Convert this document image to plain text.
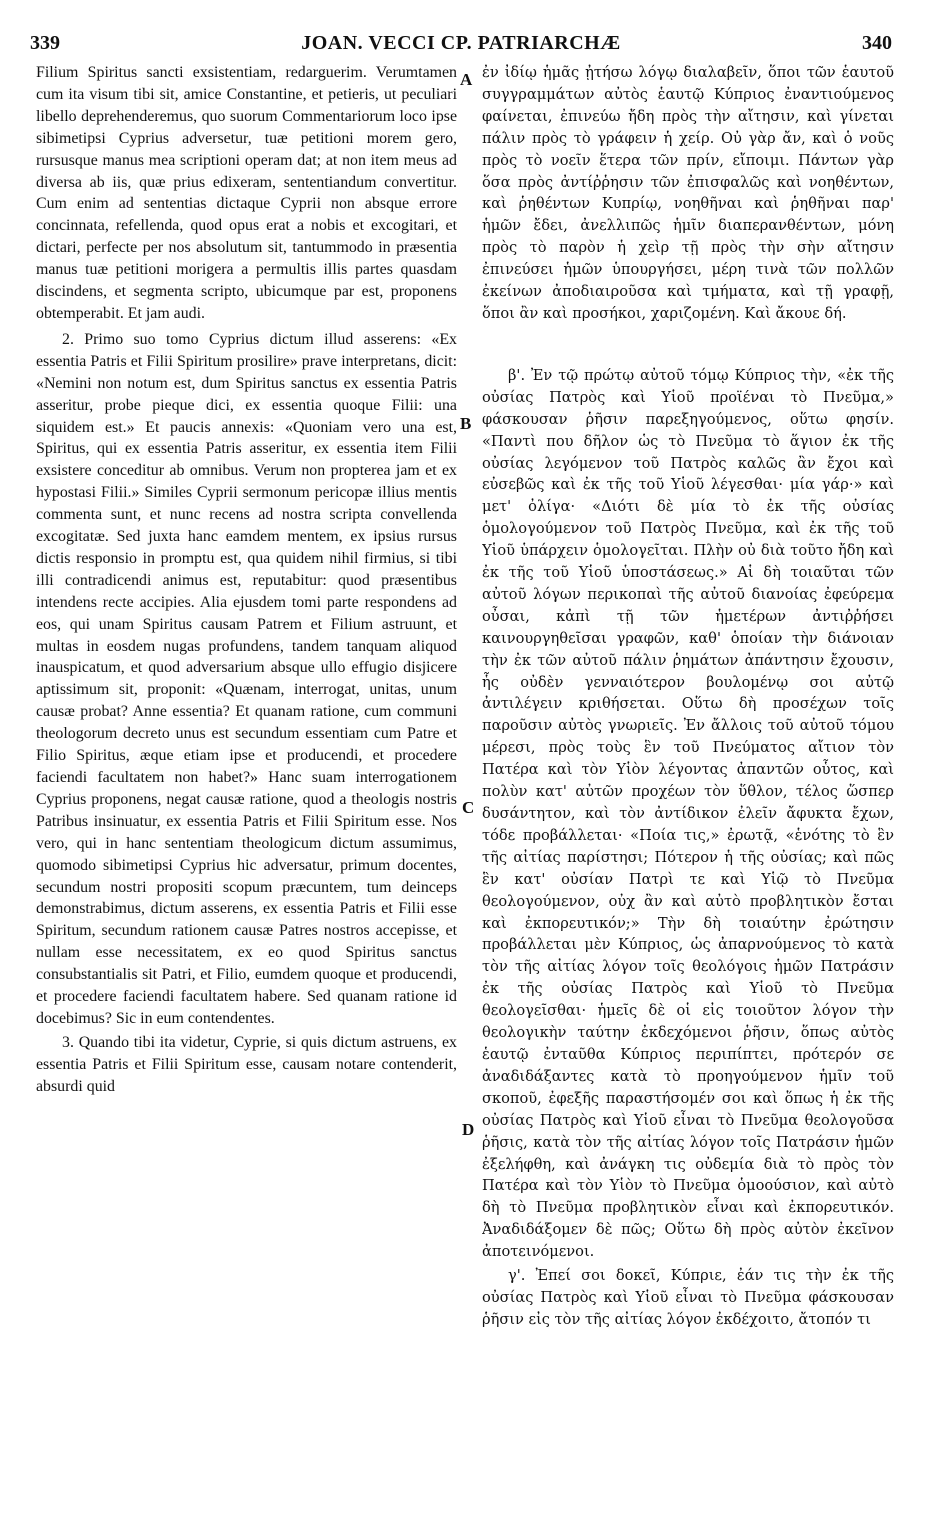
339	JOAN. VECCI CP. PATRIARCHÆ	340

Filium Spiritus sancti exsistentiam, redarguerim. Verumtamen cum ita visum tibi sit, amice Constantine, et petieris, ut peculiari libello deprehenderemus, quo suorum Commentariorum loco ipse sibimetipsi Cyprius adversetur, tuæ petitioni morem gero, rursusque manus mea scriptioni operam dat; at non item meus ad diversa ab iis, quæ prius edixeram, sententiandum convertitur. Cum enim ad sententias dictaque Cyprii non absque errore concinnata, refellenda, quod opus erat a nobis et excogitari, et dictari, perfecte per nos absolutum sit, tantummodo in præsentia manus tuæ petitioni morigera a permultis illis partes quasdam discindens, et segmenta scripto, ubicumque par est, proponens obtemperabit. Et jam audi.

2. Primo suo tomo Cyprius dictum illud asserens: «Ex essentia Patris et Filii Spiritum prosilire» prave interpretans, dicit: «Nemini non notum est, dum Spiritus sanctus ex essentia Patris asseritur, probe pieque dici, ex essentia quoque Filii: una siquidem est.» Et paucis annexis: «Quoniam vero una est, Spiritus, qui ex essentia Patris asseritur, ex essentia item Filii exsistere conceditur ab omnibus. Verum non propterea jam et ex hypostasi Filii.» Similes Cyprii sermonum pericopæ illius mentis commenta sunt, et nunc recens ad nostra scripta convellenda excogitatæ. Sed juxta hanc eamdem mentem, ex ipsius rursus dictis responsio in promptu est, qua quidem nihil firmius, si tibi illi contradicendi animus est, reputabitur: quod præsentibus intendens recte accipies. Alia ejusdem tomi parte respondens ad eos, qui unam Spiritus causam Patrem et Filium astruunt, et multas in eosdem nugas profundens, tandem tanquam aliquod inauspicatum, et quod adversarium absque ullo effugio disjicere aptissimum sit, proponit: «Quænam, interrogat, unitas, unum causæ probat? Anne essentia? Et quanam ratione, cum communi theologorum decreto unus est secundum essentiam cum Patre et Filio Spiritus, æque etiam ipse et producendi, et procedere faciendi facultatem non habet?» Hanc suam interrogationem Cyprius proponens, negat causæ ratione, quod a theologis nostris Patribus insinuatur, ex essentia Patris et Filii Spiritum esse. Nos vero, qui in hanc sententiam theologicum dictum assumimus, quomodo sibimetipsi Cyprius hic adversatur, primum docentes, secundum nostri propositi scopum præcuntem, tum deinceps demonstrabimus, dictum asserens, ex essentia Patris et Filii esse Spiritum, secundum rationem causæ Patres nostros accepisse, et nullam esse necessitatem, ex eo quod Spiritus sanctus consubstantialis sit Patri, et Filio, eumdem quoque et producendi, et procedere faciendi facultatem habere. Sed quanam ratione id docebimus? Sic in eum contendentes.

3. Quando tibi ita videtur, Cyprie, si quis dictum astruens, ex essentia Patris et Filii Spiritum esse, causam notare contenderit, absurdi quid

A
B
C
D

ἐν ἰδίῳ ἡμᾶς ᾐτήσω λόγῳ διαλαβεῖν, ὅποι τῶν ἑαυτοῦ συγγραμμάτων αὐτὸς ἑαυτῷ Κύπριος ἐναντιούμενος φαίνεται, ἐπινεύω ἤδη πρὸς τὴν αἴτησιν, καὶ γίνεται πάλιν πρὸς τὸ γράφειν ἡ χείρ. Οὐ γὰρ ἄν, καὶ ὁ νοῦς πρὸς τὸ νοεῖν ἕτερα τῶν πρίν, εἴποιμι. Πάντων γὰρ ὅσα πρὸς ἀντίῤῥησιν τῶν ἐπισφαλῶς καὶ νοηθέντων, καὶ ῥηθέντων Κυπρίῳ, νοηθῆναι καὶ ῥηθῆναι παρ' ἡμῶν ἔδει, ἀνελλιπῶς ἡμῖν διαπερανθέντων, μόνη πρὸς τὸ παρὸν ἡ χεὶρ τῇ πρὸς τὴν σὴν αἴτησιν ἐπινεύσει ἡμῶν ὑπουργήσει, μέρη τινὰ τῶν πολλῶν ἐκείνων ἀποδιαιροῦσα καὶ τμήματα, καὶ τῇ γραφῇ, ὅποι ἂν καὶ προσήκοι, χαριζομένη. Καὶ ἄκουε δή.

β'. Ἐν τῷ πρώτῳ αὐτοῦ τόμῳ Κύπριος τὴν, «ἐκ τῆς οὐσίας Πατρὸς καὶ Υἱοῦ προϊέναι τὸ Πνεῦμα,» φάσκουσαν ῥῆσιν παρεξηγούμενος, οὕτω φησίν. «Παντὶ που δῆλον ὡς τὸ Πνεῦμα τὸ ἅγιον ἐκ τῆς οὐσίας λεγόμενον τοῦ Πατρὸς καλῶς ἂν ἔχοι καὶ εὐσεβῶς καὶ ἐκ τῆς τοῦ Υἱοῦ λέγεσθαι· μία γάρ·» καὶ μετ' ὀλίγα· «Διότι δὲ μία τὸ ἐκ τῆς οὐσίας ὁμολογούμενον τοῦ Πατρὸς Πνεῦμα, καὶ ἐκ τῆς τοῦ Υἱοῦ ὑπάρχειν ὁμολογεῖται. Πλὴν οὐ διὰ τοῦτο ἤδη καὶ ἐκ τῆς τοῦ Υἱοῦ ὑποστάσεως.» Αἱ δὴ τοιαῦται τῶν αὐτοῦ λόγων περικοπαὶ τῆς αὐτοῦ διανοίας ἐφεύρεμα οὖσαι, κἀπὶ τῇ τῶν ἡμετέρων ἀντιῤῥήσει καινουργηθεῖσαι γραφῶν, καθ' ὁποίαν τὴν διάνοιαν τὴν ἐκ τῶν αὐτοῦ πάλιν ῥημάτων ἀπάντησιν ἔχουσιν, ἧς οὐδὲν γενναιότερον βουλομένῳ σοι αὐτῷ ἀντιλέγειν κριθήσεται. Οὕτω δὴ προσέχων τοῖς παροῦσιν αὐτὸς γνωριεῖς. Ἐν ἄλλοις τοῦ αὐτοῦ τόμου μέρεσι, πρὸς τοὺς ἓν τοῦ Πνεύματος αἴτιον τὸν Πατέρα καὶ τὸν Υἱὸν λέγοντας ἀπαντῶν οὗτος, καὶ πολὺν κατ' αὐτῶν προχέων τὸν ὕθλον, τέλος ὥσπερ δυσάντητον, καὶ τὸν ἀντίδικον ἐλεῖν ἄφυκτα ἔχων, τόδε προβάλλεται· «Ποία τις,» ἐρωτᾷ, «ἑνότης τὸ ἓν τῆς αἰτίας παρίστησι; Πότερον ἡ τῆς οὐσίας; καὶ πῶς ἓν κατ' οὐσίαν Πατρὶ τε καὶ Υἱῷ τὸ Πνεῦμα θεολογούμενον, οὐχ ἂν καὶ αὐτὸ προβλητικὸν ἔσται καὶ ἐκπορευτικόν;» Τὴν δὴ τοιαύτην ἐρώτησιν προβάλλεται μὲν Κύπριος, ὡς ἀπαρνούμενος τὸ κατὰ τὸν τῆς αἰτίας λόγον τοῖς θεολόγοις ἡμῶν Πατράσιν ἐκ τῆς οὐσίας Πατρὸς καὶ Υἱοῦ τὸ Πνεῦμα θεολογεῖσθαι· ἡμεῖς δὲ οἱ εἰς τοιοῦτον λόγον τὴν θεολογικὴν ταύτην ἐκδεχόμενοι ῥῆσιν, ὅπως αὐτὸς ἑαυτῷ ἐνταῦθα Κύπριος περιπίπτει, πρότερόν σε ἀναδιδάξαντες κατὰ τὸ προηγούμενον ἡμῖν τοῦ σκοποῦ, ἐφεξῆς παραστήσομέν σοι καὶ ὅπως ἡ ἐκ τῆς οὐσίας Πατρὸς καὶ Υἱοῦ εἶναι τὸ Πνεῦμα θεολογοῦσα ῥῆσις, κατὰ τὸν τῆς αἰτίας λόγον τοῖς Πατράσιν ἡμῶν ἐξελήφθη, καὶ ἀνάγκη τις οὐδεμία διὰ τὸ πρὸς τὸν Πατέρα καὶ τὸν Υἱὸν τὸ Πνεῦμα ὁμοούσιον, καὶ αὐτὸ δὴ τὸ Πνεῦμα προβλητικὸν εἶναι καὶ ἐκπορευτικόν. Ἀναδιδάξομεν δὲ πῶς; Οὕτω δὴ πρὸς αὐτὸν ἐκεῖνον ἀποτεινόμενοι.

γ'. Ἐπεί σοι δοκεῖ, Κύπριε, ἐάν τις τὴν ἐκ τῆς οὐσίας Πατρὸς καὶ Υἱοῦ εἶναι τὸ Πνεῦμα φάσκουσαν ῥῆσιν εἰς τὸν τῆς αἰτίας λόγον ἐκδέχοιτο, ἄτοπόν τι
